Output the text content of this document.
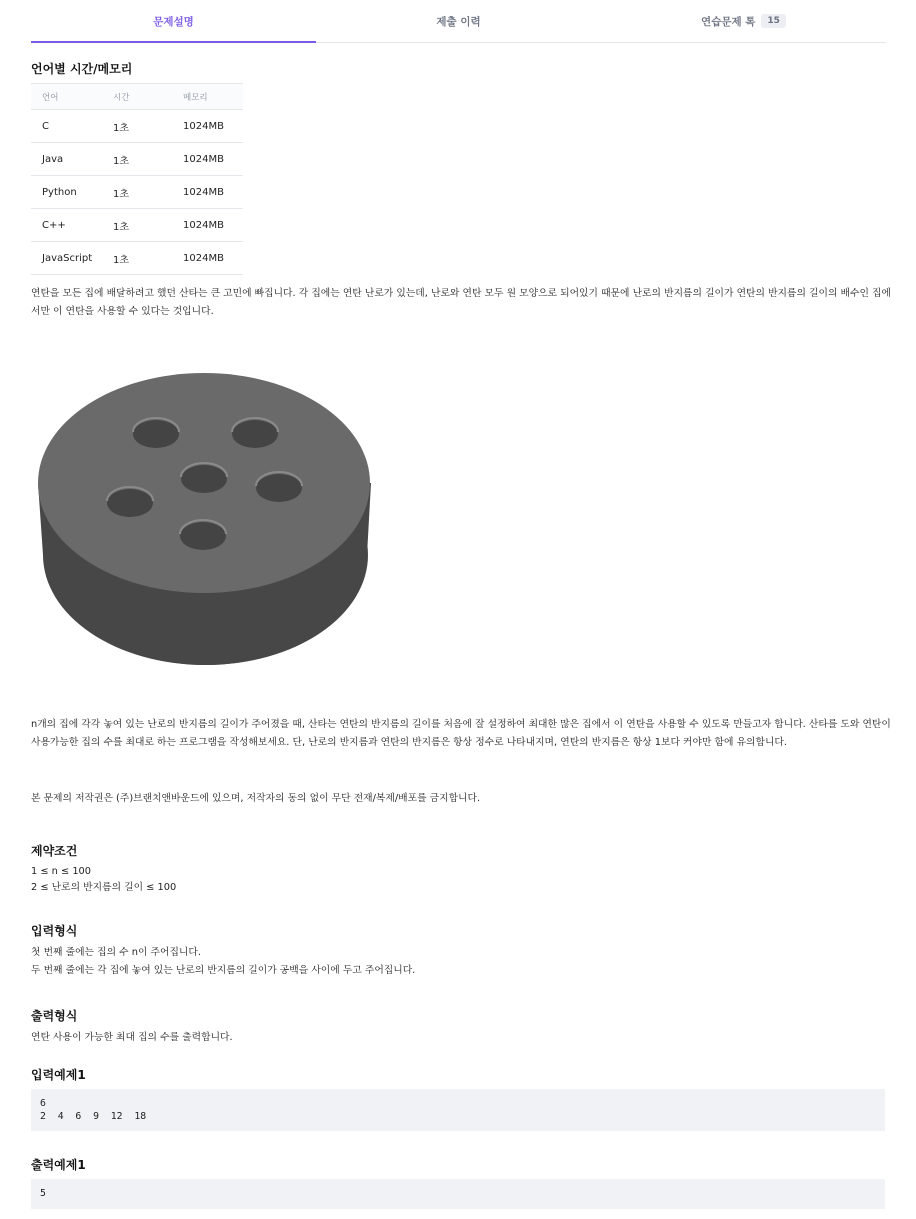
문제설명	제출 이력	연습문제 톡	15
언어별 시간/메모리
언어	시간	메모리
C	1초	1024MB
Java	1초	1024MB
Python	1초	1024MB
C++	1초	1024MB
JavaScript	1초	1024MB

연탄을 모든 집에 배달하려고 했던 산타는 큰 고민에 빠집니다. 각 집에는 연탄 난로가 있는데, 난로와 연탄 모두 원 모양으로 되어있기 때문에 난로의 반지름의 길이가 연탄의 반지름의 길이의 배수인 집에서만 이 연탄을 사용할 수 있다는 것입니다.

n개의 집에 각각 놓여 있는 난로의 반지름의 길이가 주어졌을 때, 산타는 연탄의 반지름의 길이를 처음에 잘 설정하여 최대한 많은 집에서 이 연탄을 사용할 수 있도록 만들고자 합니다. 산타를 도와 연탄이 사용가능한 집의 수를 최대로 하는 프로그램을 작성해보세요. 단, 난로의 반지름과 연탄의 반지름은 항상 정수로 나타내지며, 연탄의 반지름은 항상 1보다 커야만 함에 유의합니다.

본 문제의 저작권은 (주)브랜치앤바운드에 있으며, 저작자의 동의 없이 무단 전재/복제/배포를 금지합니다.

제약조건

1 ≤ n ≤ 100

2 ≤ 난로의 반지름의 길이 ≤ 100

입력형식

첫 번째 줄에는 집의 수 n이 주어집니다.

두 번째 줄에는 각 집에 놓여 있는 난로의 반지름의 길이가 공백을 사이에 두고 주어집니다.

출력형식

연탄 사용이 가능한 최대 집의 수를 출력합니다.

입력예제1
6
2  4  6  9  12  18
출력예제1
5
